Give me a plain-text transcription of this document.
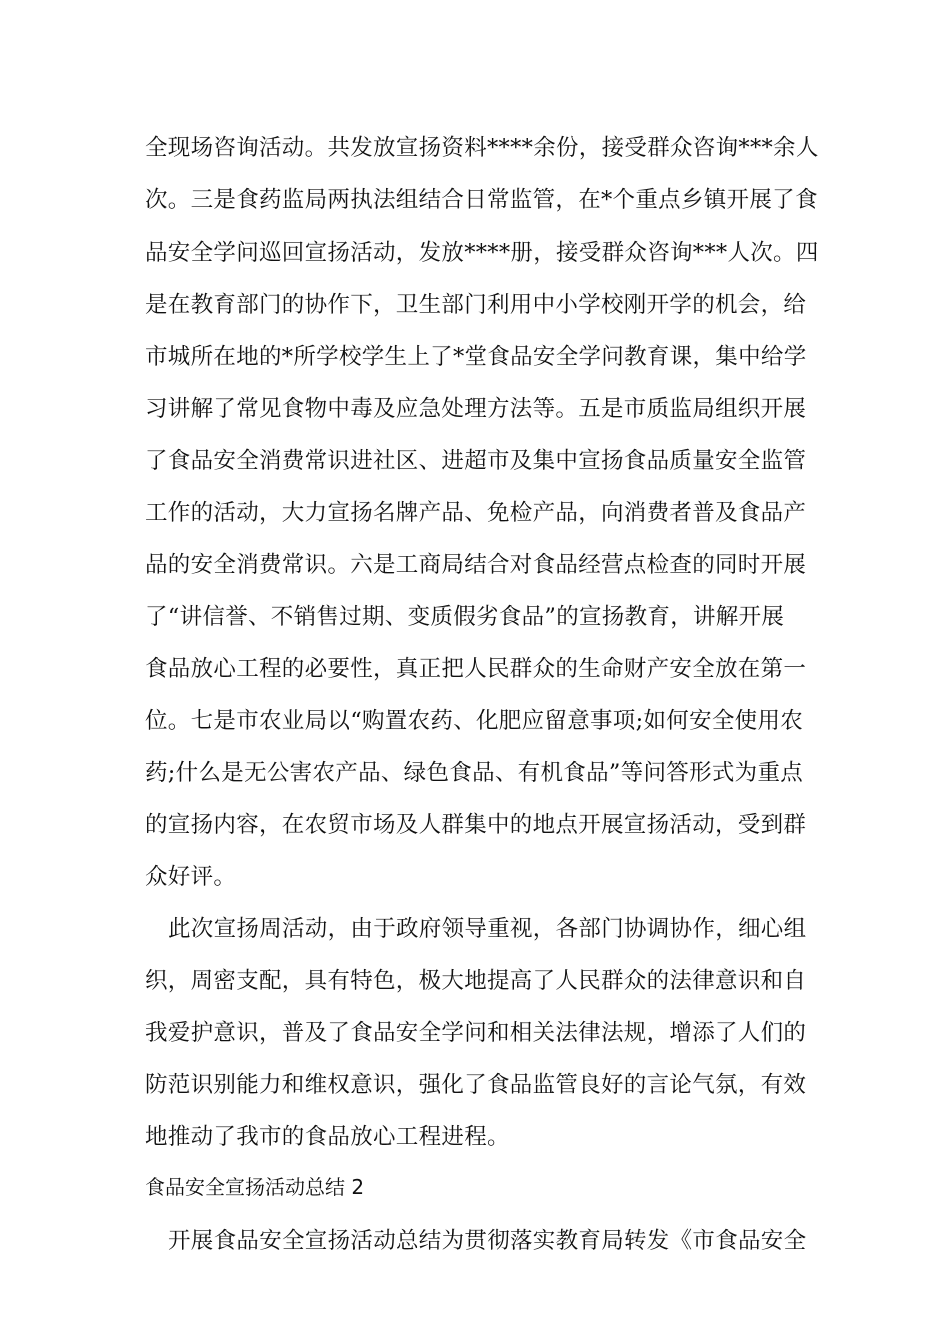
全现场咨询活动。共发放宣扬资料****余份，接受群众咨询***余人
次。三是食药监局两执法组结合日常监管，在*个重点乡镇开展了食
品安全学问巡回宣扬活动，发放****册，接受群众咨询***人次。四
是在教育部门的协作下，卫生部门利用中小学校刚开学的机会，给
市城所在地的*所学校学生上了*堂食品安全学问教育课，集中给学
习讲解了常见食物中毒及应急处理方法等。五是市质监局组织开展
了食品安全消费常识进社区、进超市及集中宣扬食品质量安全监管
工作的活动，大力宣扬名牌产品、免检产品，向消费者普及食品产
品的安全消费常识。六是工商局结合对食品经营点检查的同时开展
了“讲信誉、不销售过期、变质假劣食品”的宣扬教育，讲解开展
食品放心工程的必要性，真正把人民群众的生命财产安全放在第一
位。七是市农业局以“购置农药、化肥应留意事项;如何安全使用农
药;什么是无公害农产品、绿色食品、有机食品”等问答形式为重点
的宣扬内容，在农贸市场及人群集中的地点开展宣扬活动，受到群
众好评。
此次宣扬周活动，由于政府领导重视，各部门协调协作，细心组
织，周密支配，具有特色，极大地提高了人民群众的法律意识和自
我爱护意识，普及了食品安全学问和相关法律法规，增添了人们的
防范识别能力和维权意识，强化了食品监管良好的言论气氛，有效
地推动了我市的食品放心工程进程。
食品安全宣扬活动总结 2
开展食品安全宣扬活动总结为贯彻落实教育局转发《市食品安全
